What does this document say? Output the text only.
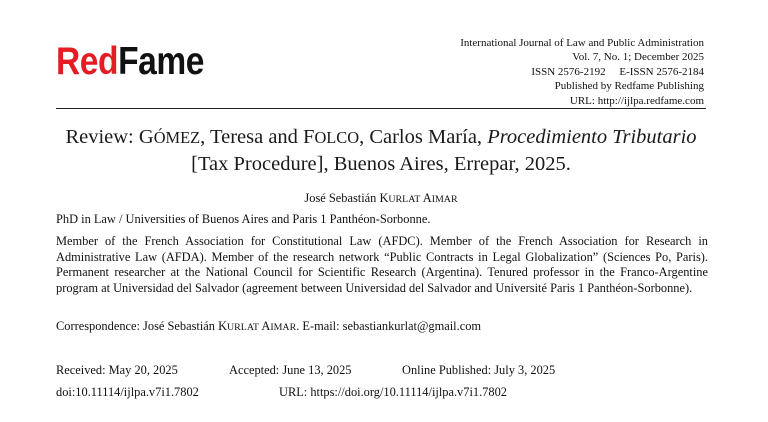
RedFame	International Journal of Law and Public Administration
Vol. 7, No. 1; December 2025
ISSN 2576-2192     E-ISSN 2576-2184
Published by Redfame Publishing
URL: http://ijlpa.redfame.com
Review: GÓMEZ, Teresa and FOLCO, Carlos María, Procedimiento Tributario [Tax Procedure], Buenos Aires, Errepar, 2025.
José Sebastián KURLAT AIMAR
PhD in Law / Universities of Buenos Aires and Paris 1 Panthéon-Sorbonne.
Member of the French Association for Constitutional Law (AFDC). Member of the French Association for Research in Administrative Law (AFDA). Member of the research network “Public Contracts in Legal Globalization” (Sciences Po, Paris). Permanent researcher at the National Council for Scientific Research (Argentina). Tenured professor in the Franco-Argentine program at Universidad del Salvador (agreement between Universidad del Salvador and Université Paris 1 Panthéon-Sorbonne).
Correspondence: José Sebastián KURLAT AIMAR. E-mail: sebastiankurlat@gmail.com
Received: May 20, 2025	Accepted: June 13, 2025	Online Published: July 3, 2025
doi:10.11114/ijlpa.v7i1.7802	URL: https://doi.org/10.11114/ijlpa.v7i1.7802
